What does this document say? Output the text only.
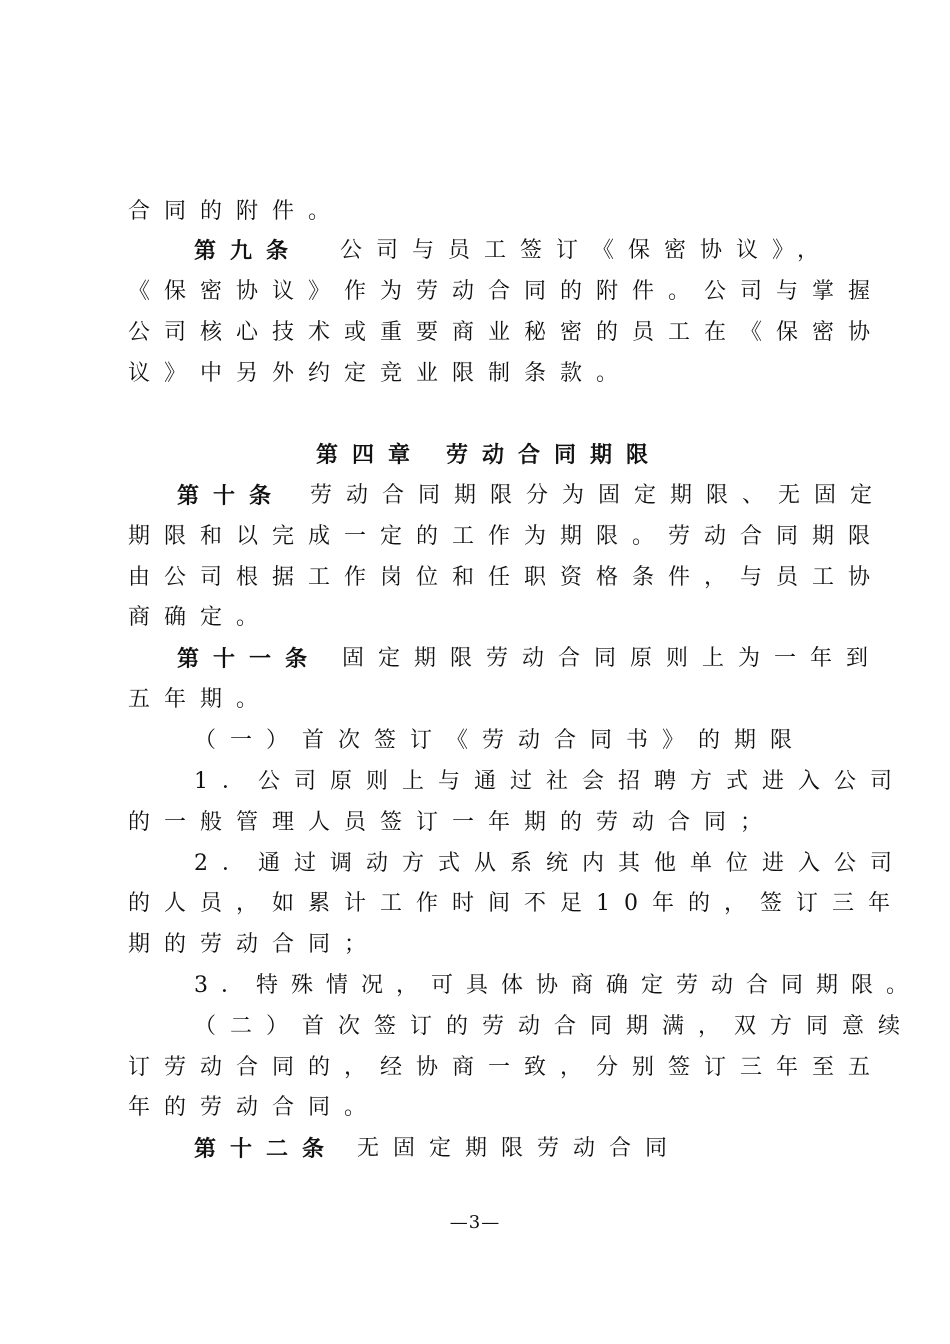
合同的附件。
第九条 公司与员工签订《保密协议》，
《保密协议》作为劳动合同的附件。公司与掌握
公司核心技术或重要商业秘密的员工在《保密协
议》中另外约定竞业限制条款。
第四章 劳动合同期限
第十条 劳动合同期限分为固定期限、无固定
期限和以完成一定的工作为期限。劳动合同期限
由公司根据工作岗位和任职资格条件，与员工协
商确定。
第十一条 固定期限劳动合同原则上为一年到
五年期。
（一）首次签订《劳动合同书》的期限
1．公司原则上与通过社会招聘方式进入公司
的一般管理人员签订一年期的劳动合同；
2．通过调动方式从系统内其他单位进入公司
的人员，如累计工作时间不足10年的，签订三年
期的劳动合同；
3．特殊情况，可具体协商确定劳动合同期限。
（二）首次签订的劳动合同期满，双方同意续
订劳动合同的，经协商一致，分别签订三年至五
年的劳动合同。
第十二条 无固定期限劳动合同
—3—
